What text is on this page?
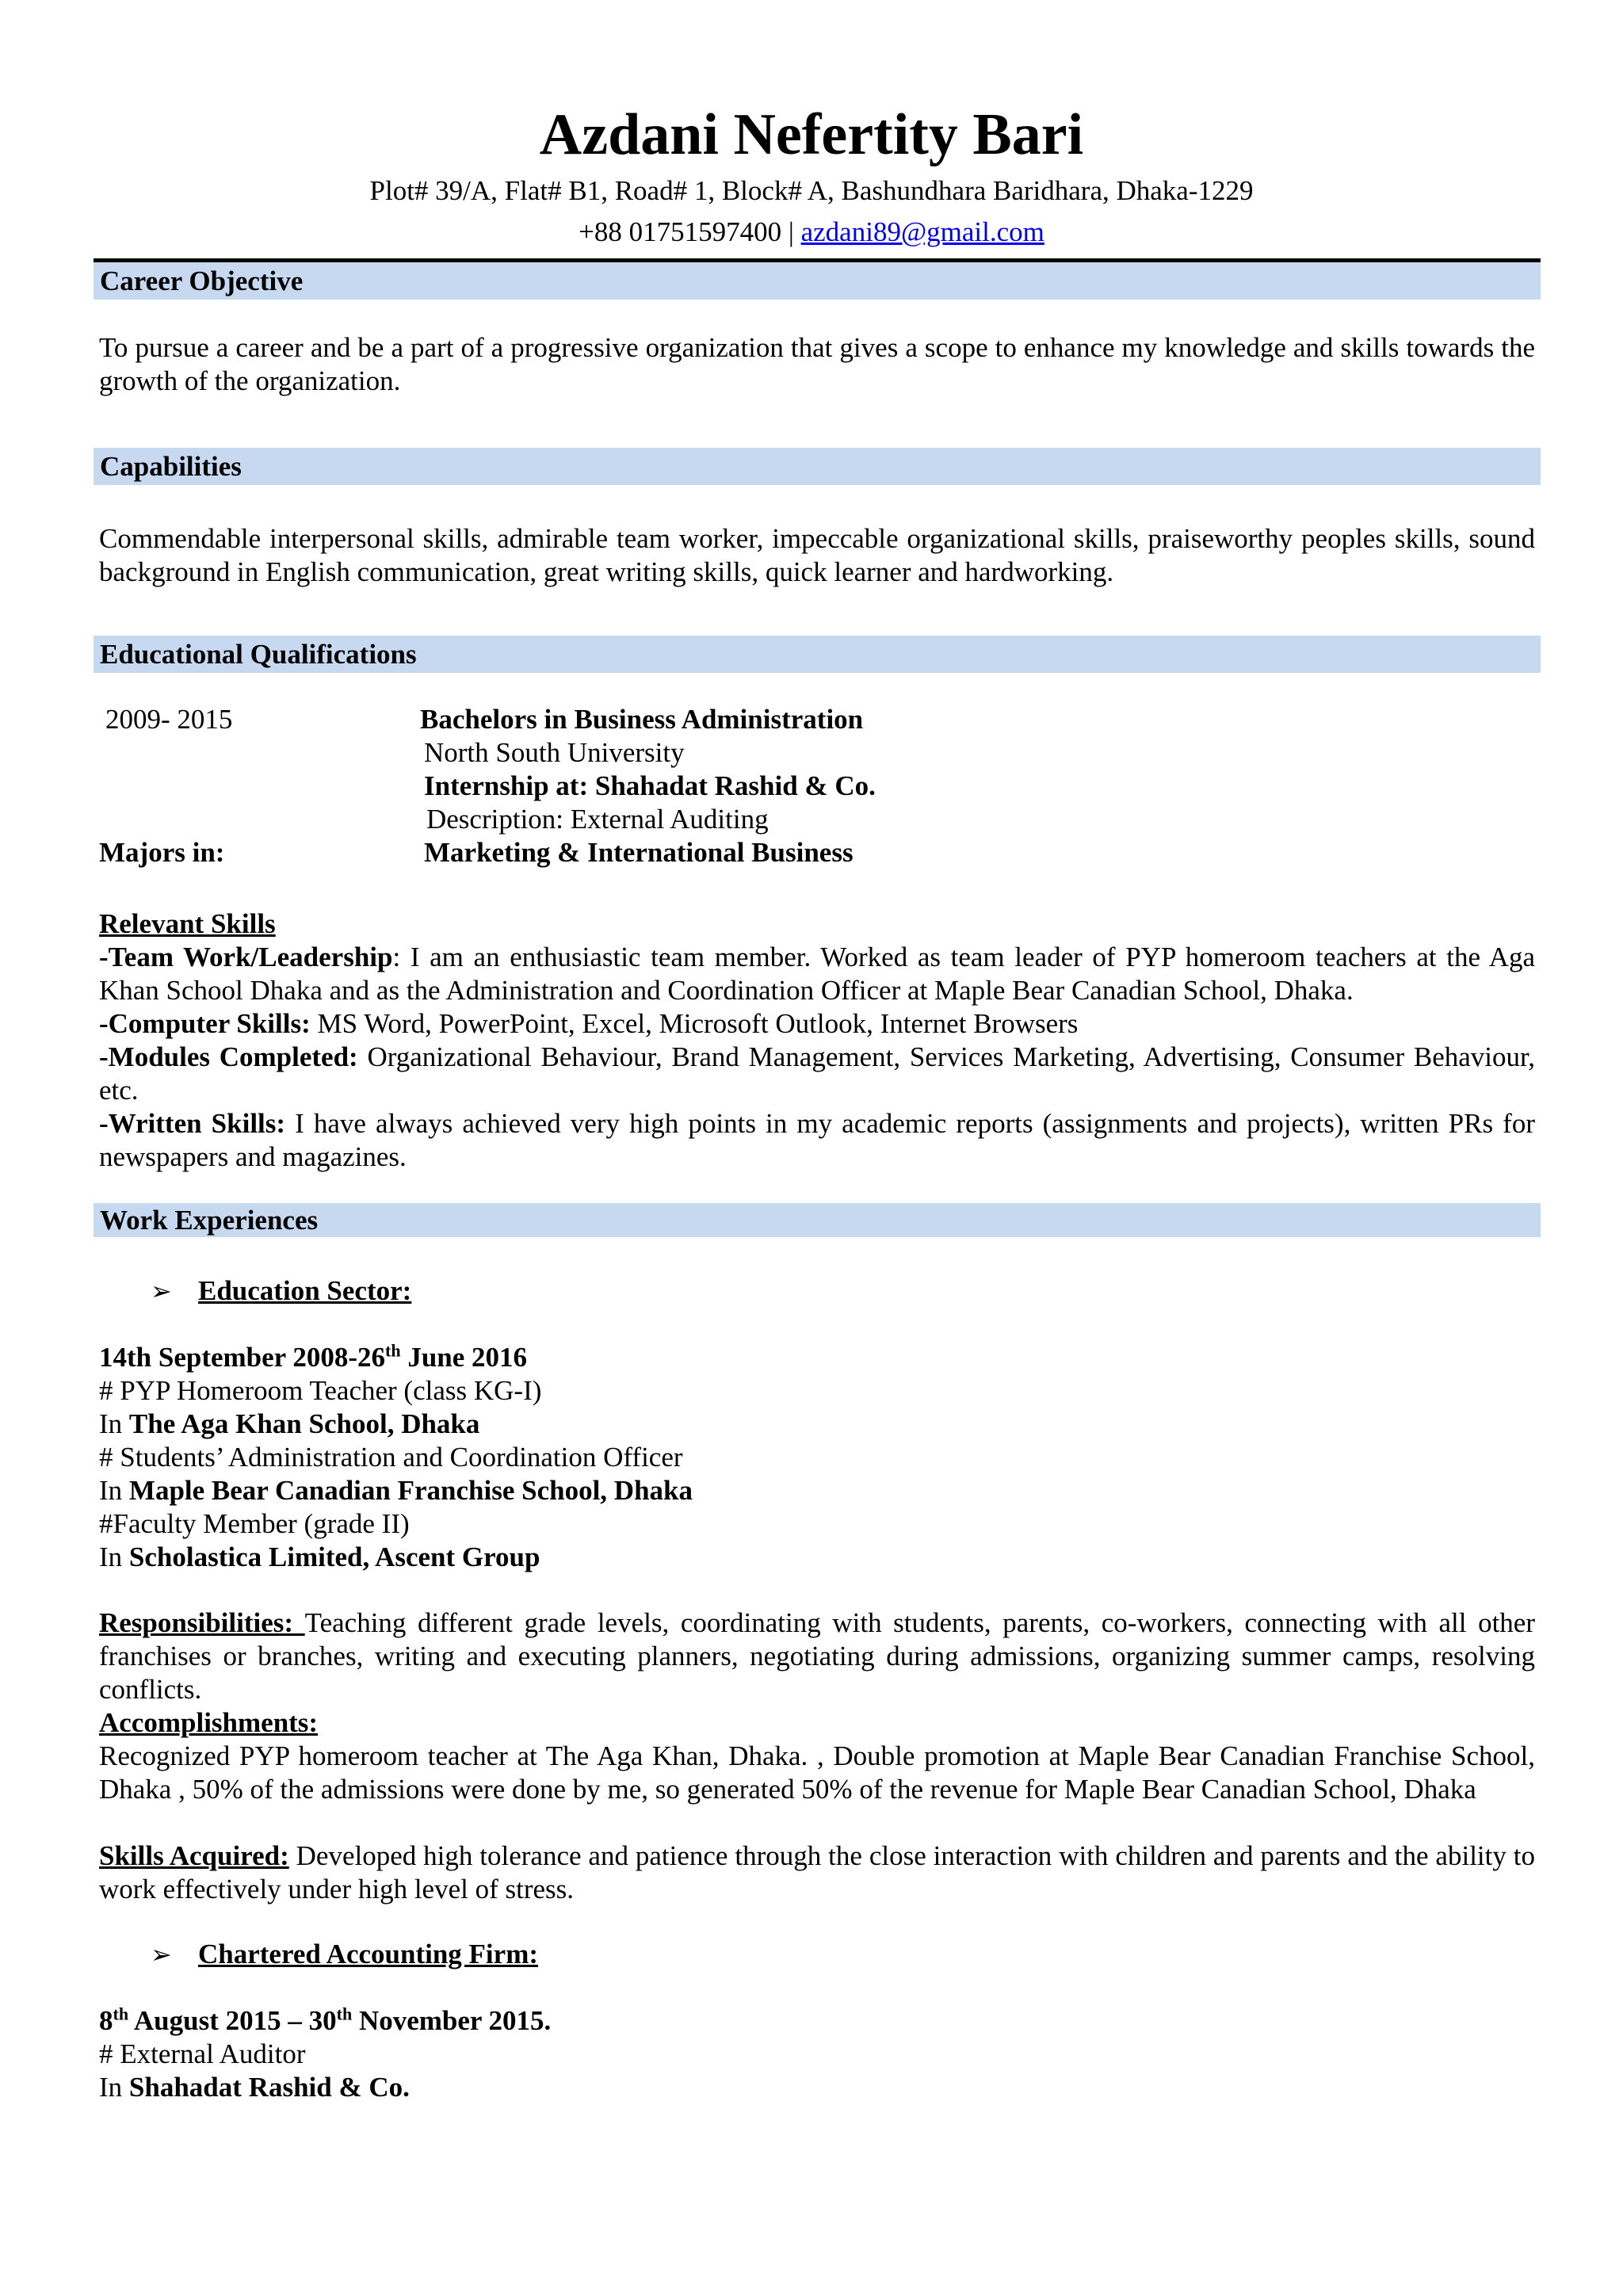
Azdani Nefertity Bari
Plot# 39/A, Flat# B1, Road# 1, Block# A, Bashundhara Baridhara, Dhaka-1229
+88 01751597400 | azdani89@gmail.com
Career Objective
To pursue a career and be a part of a progressive organization that gives a scope to enhance my knowledge and skills towards the growth of the organization.
Capabilities
Commendable interpersonal skills, admirable team worker, impeccable organizational skills, praiseworthy peoples skills, sound background in English communication, great writing skills, quick learner and hardworking.
Educational Qualifications
2009- 2015	Bachelors in Business Administration
North South University
Internship at: Shahadat Rashid & Co.
Description: External Auditing
Majors in:	Marketing & International Business
Relevant Skills
-Team Work/Leadership: I am an enthusiastic team member. Worked as team leader of PYP homeroom teachers at the Aga Khan School Dhaka and as the Administration and Coordination Officer at Maple Bear Canadian School, Dhaka.
-Computer Skills: MS Word, PowerPoint, Excel, Microsoft Outlook, Internet Browsers
-Modules Completed: Organizational Behaviour, Brand Management, Services Marketing, Advertising, Consumer Behaviour, etc.
-Written Skills: I have always achieved very high points in my academic reports (assignments and projects), written PRs for newspapers and magazines.
Work Experiences
➢ Education Sector:
14th September 2008-26th June 2016
# PYP Homeroom Teacher (class KG-I)
In The Aga Khan School, Dhaka
# Students’ Administration and Coordination Officer
In Maple Bear Canadian Franchise School, Dhaka
#Faculty Member (grade II)
In Scholastica Limited, Ascent Group
Responsibilities: Teaching different grade levels, coordinating with students, parents, co-workers, connecting with all other franchises or branches, writing and executing planners, negotiating during admissions, organizing summer camps, resolving conflicts.
Accomplishments:
Recognized PYP homeroom teacher at The Aga Khan, Dhaka. , Double promotion at Maple Bear Canadian Franchise School, Dhaka , 50% of the admissions were done by me, so generated 50% of the revenue for Maple Bear Canadian School, Dhaka
Skills Acquired: Developed high tolerance and patience through the close interaction with children and parents and the ability to work effectively under high level of stress.
➢ Chartered Accounting Firm:
8th August 2015 – 30th November 2015.
# External Auditor
In Shahadat Rashid & Co.
